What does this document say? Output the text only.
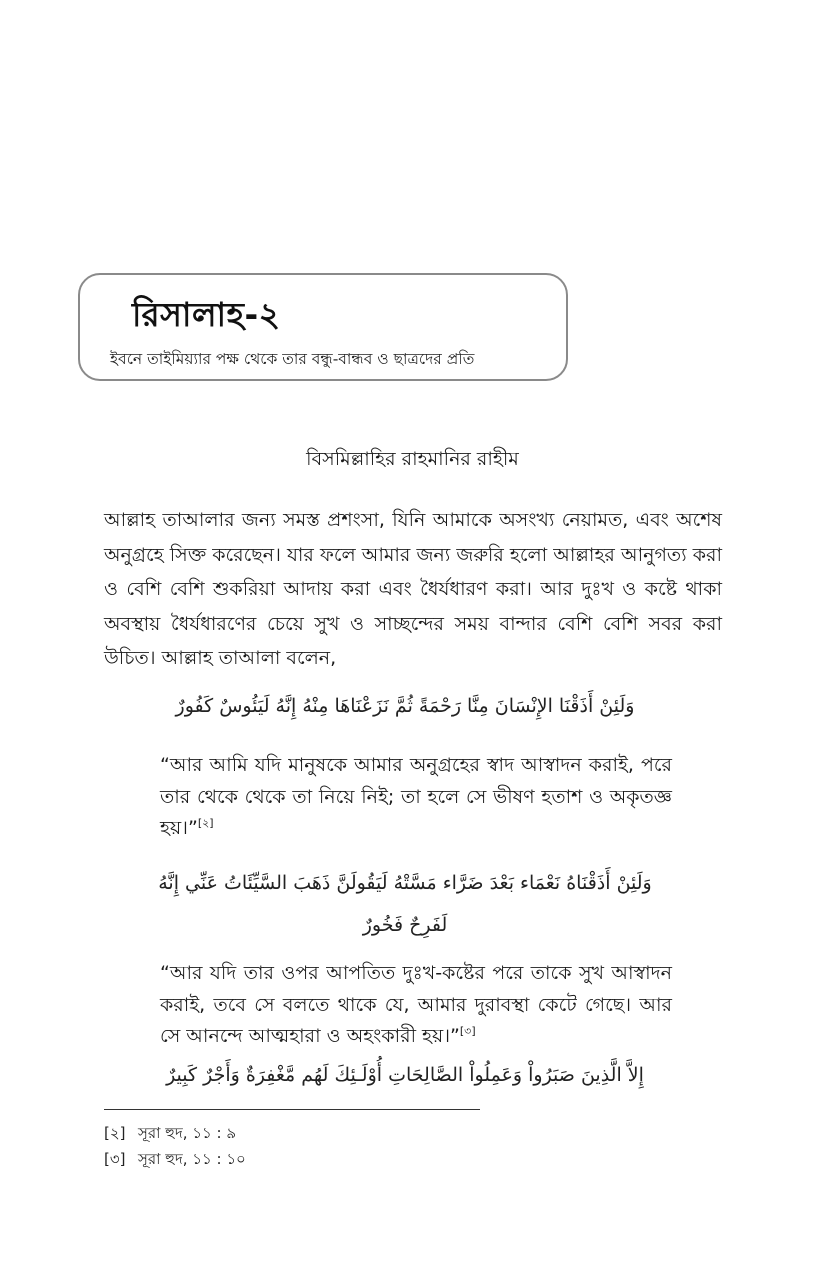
রিসালাহ-২
ইবনে তাইমিয়্যার পক্ষ থেকে তার বন্ধু-বান্ধব ও ছাত্রদের প্রতি
বিসমিল্লাহির রাহমানির রাহীম
আল্লাহ তাআলার জন্য সমস্ত প্রশংসা, যিনি আমাকে অসংখ্য নেয়ামত, এবং অশেষ অনুগ্রহে সিক্ত করেছেন। যার ফলে আমার জন্য জরুরি হলো আল্লাহর আনুগত্য করা ও বেশি বেশি শুকরিয়া আদায় করা এবং ধৈর্যধারণ করা। আর দুঃখ ও কষ্টে থাকা অবস্থায় ধৈর্যধারণের চেয়ে সুখ ও সাচ্ছন্দের সময় বান্দার বেশি বেশি সবর করা উচিত। আল্লাহ তাআলা বলেন,
وَلَئِنْ أَذَقْنَا الإِنْسَانَ مِنَّا رَحْمَةً ثُمَّ نَزَعْنَاهَا مِنْهُ إِنَّهُ لَيَئُوسٌ كَفُورٌ
“আর আমি যদি মানুষকে আমার অনুগ্রহের স্বাদ আস্বাদন করাই, পরে তার থেকে থেকে তা নিয়ে নিই; তা হলে সে ভীষণ হতাশ ও অকৃতজ্ঞ হয়।”[২]
وَلَئِنْ أَذَقْنَاهُ نَعْمَاء بَعْدَ ضَرَّاء مَسَّتْهُ لَيَقُولَنَّ ذَهَبَ السَّيِّئَاتُ عَنِّي إِنَّهُ لَفَرِحٌ فَخُورٌ
“আর যদি তার ওপর আপতিত দুঃখ-কষ্টের পরে তাকে সুখ আস্বাদন করাই, তবে সে বলতে থাকে যে, আমার দুরাবস্থা কেটে গেছে। আর সে আনন্দে আত্মহারা ও অহংকারী হয়।”[৩]
إِلاَّ الَّذِينَ صَبَرُواْ وَعَمِلُواْ الصَّالِحَاتِ أُوْلَـئِكَ لَهُم مَّغْفِرَةٌ وَأَجْرٌ كَبِيرٌ
[২] সূরা হুদ, ১১ : ৯
[৩] সূরা হুদ, ১১ : ১০
